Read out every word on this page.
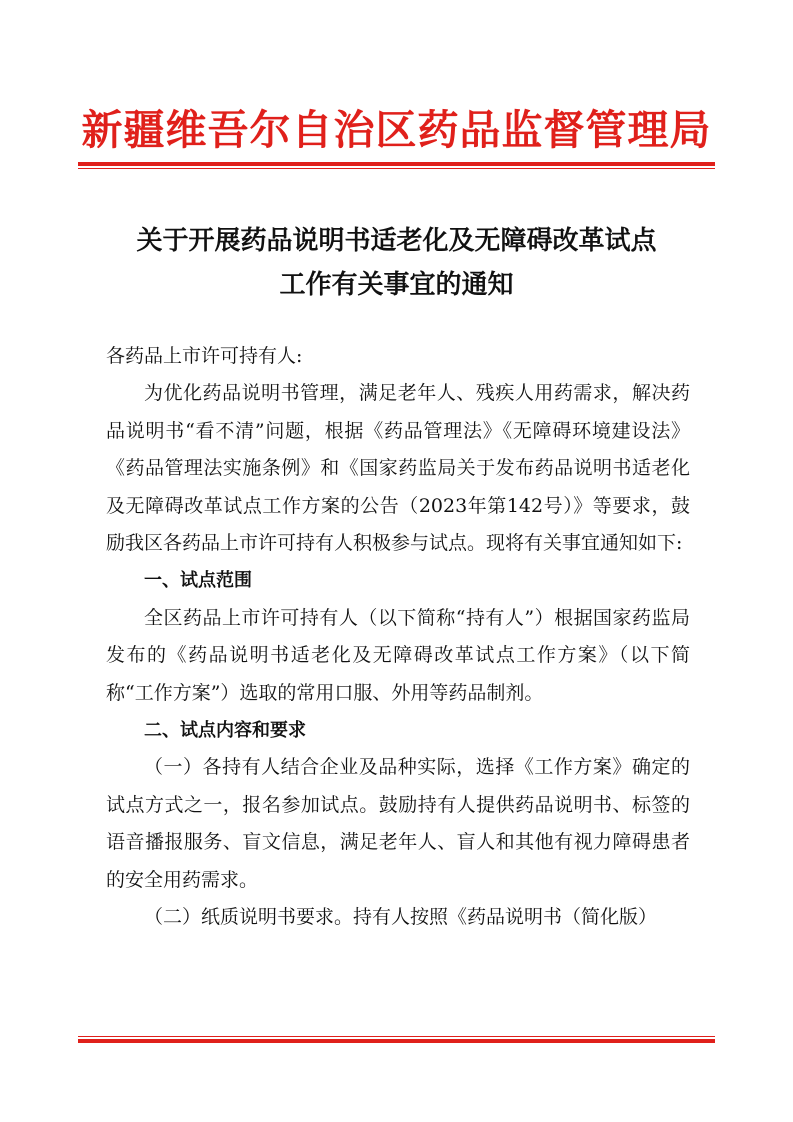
新疆维吾尔自治区药品监督管理局
关于开展药品说明书适老化及无障碍改革试点
工作有关事宜的通知

各药品上市许可持有人:

为优化药品说明书管理，满足老年人、残疾人用药需求，解决药品说明书“看不清”问题，根据《药品管理法》《无障碍环境建设法》《药品管理法实施条例》和《国家药监局关于发布药品说明书适老化及无障碍改革试点工作方案的公告（2023年第142号）》等要求，鼓励我区各药品上市许可持有人积极参与试点。现将有关事宜通知如下:

一、试点范围

全区药品上市许可持有人（以下简称“持有人”）根据国家药监局发布的《药品说明书适老化及无障碍改革试点工作方案》（以下简称“工作方案”）选取的常用口服、外用等药品制剂。

二、试点内容和要求

（一）各持有人结合企业及品种实际，选择《工作方案》确定的试点方式之一，报名参加试点。鼓励持有人提供药品说明书、标签的语音播报服务、盲文信息，满足老年人、盲人和其他有视力障碍患者的安全用药需求。

（二）纸质说明书要求。持有人按照《药品说明书（简化版）
